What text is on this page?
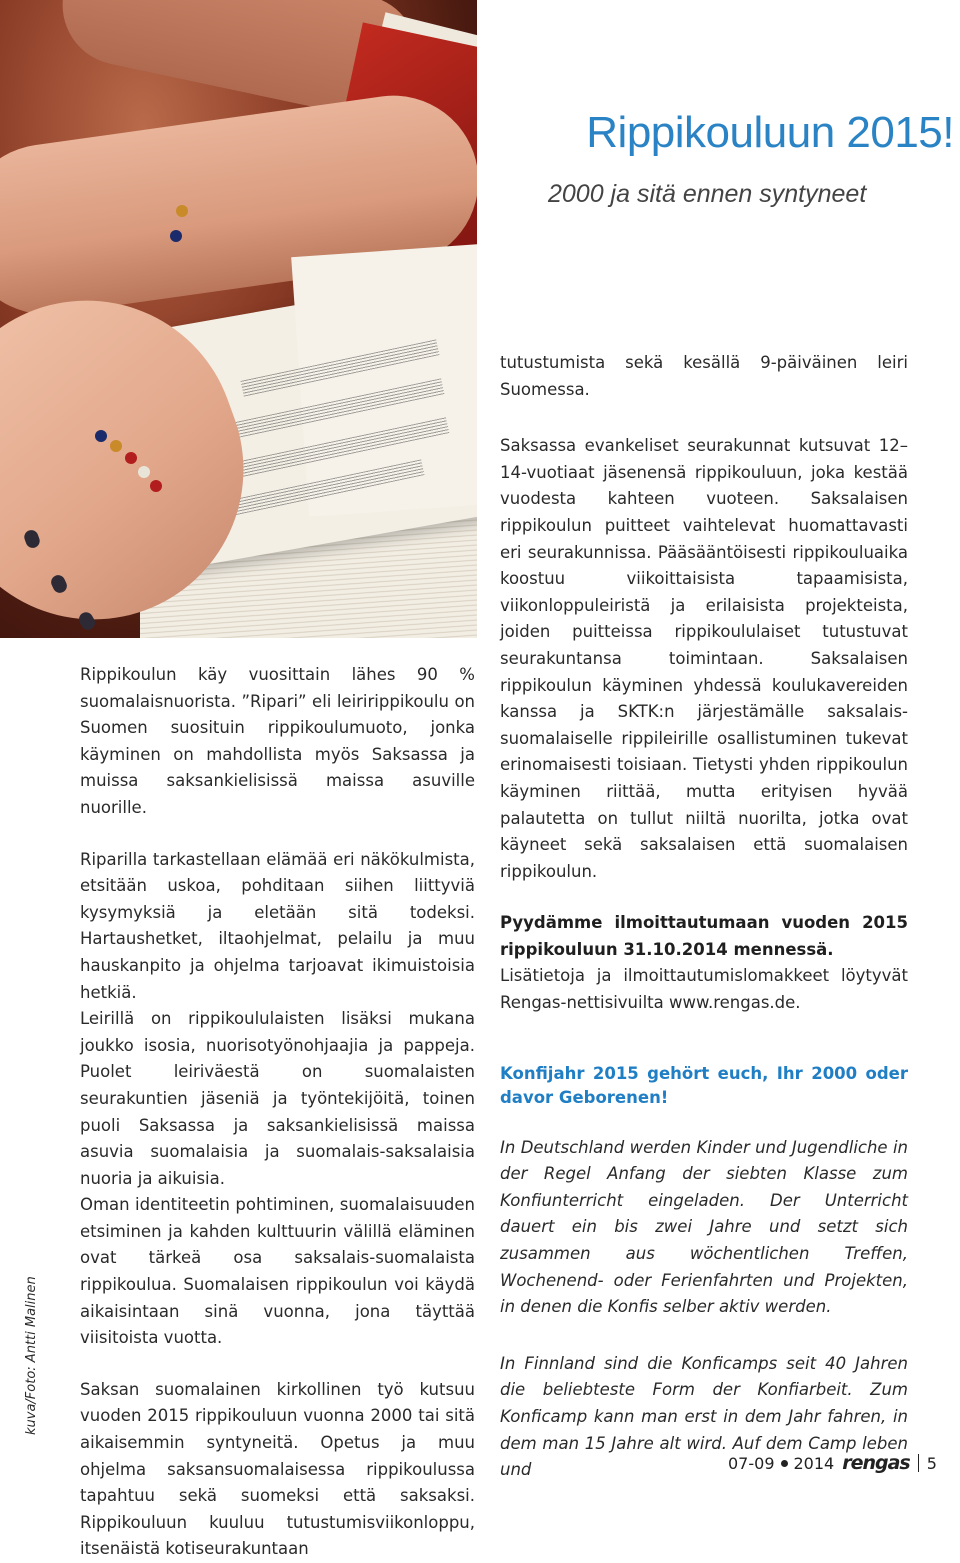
kuva/Foto: Antti Malinen
Rippikouluun 2015!
2000 ja sitä ennen syntyneet

Rippikoulun käy vuosittain lähes 90 % suomalaisnuorista. ”Ripari” eli leiririppikoulu on Suomen suosituin rippikoulumuoto, jonka käyminen on mahdollista myös Saksassa ja muissa saksankielisissä maissa asuville nuorille.

Riparilla tarkastellaan elämää eri näkökulmista, etsitään uskoa, pohditaan siihen liittyviä kysymyksiä ja eletään sitä todeksi. Hartaushetket, iltaohjelmat, pelailu ja muu hauskanpito ja ohjelma tarjoavat ikimuistoisia hetkiä.

Leirillä on rippikoululaisten lisäksi mukana joukko isosia, nuorisotyönohjaajia ja pappeja. Puolet leiriväestä on suomalaisten seurakuntien jäseniä ja työntekijöitä, toinen puoli Saksassa ja saksankielisissä maissa asuvia suomalaisia ja suomalais-saksalaisia nuoria ja aikuisia.

Oman identiteetin pohtiminen, suomalaisuuden etsiminen ja kahden kulttuurin välillä eläminen ovat tärkeä osa saksalais-suomalaista rippikoulua. Suomalaisen rippikoulun voi käydä aikaisintaan sinä vuonna, jona täyttää viisitoista vuotta.

Saksan suomalainen kirkollinen työ kutsuu vuoden 2015 rippikouluun vuonna 2000 tai sitä aikaisemmin syntyneitä. Opetus ja muu ohjelma saksansuomalaisessa rippikoulussa tapahtuu sekä suomeksi että saksaksi. Rippikouluun kuuluu tutustumisviikonloppu, itsenäistä kotiseurakuntaan

tutustumista sekä kesällä 9-päiväinen leiri Suomessa.

Saksassa evankeliset seurakunnat kutsuvat 12–14-vuotiaat jäsenensä rippikouluun, joka kestää vuodesta kahteen vuoteen. Saksalaisen rippikoulun puitteet vaihtelevat huomattavasti eri seurakunnissa. Pääsääntöisesti rippikouluaika koostuu viikoittaisista tapaamisista, viikonloppuleiristä ja erilaisista projekteista, joiden puitteissa rippikoululaiset tutustuvat seurakuntansa toimintaan. Saksalaisen rippikoulun käyminen yhdessä koulukavereiden kanssa ja SKTK:n järjestämälle saksalais-suomalaiselle rippileirille osallistuminen tukevat erinomaisesti toisiaan. Tietysti yhden rippikoulun käyminen riittää, mutta erityisen hyvää palautetta on tullut niiltä nuorilta, jotka ovat käyneet sekä saksalaisen että suomalaisen rippikoulun.

Pyydämme ilmoittautumaan vuoden 2015 rippikouluun 31.10.2014 mennessä.

Lisätietoja ja ilmoittautumislomakkeet löytyvät Rengas-nettisivuilta www.rengas.de.

Konfijahr 2015 gehört euch, Ihr 2000 oder davor Geborenen!

In Deutschland werden Kinder und Jugendliche in der Regel Anfang der siebten Klasse zum Konfiunterricht eingeladen. Der Unterricht dauert ein bis zwei Jahre und setzt sich zusammen aus wöchentlichen Treffen, Wochenend- oder Ferienfahrten und Projekten, in denen die Konfis selber aktiv werden.

In Finnland sind die Konficamps seit 40 Jahren die beliebteste Form der Konfiarbeit. Zum Konficamp kann man erst in dem Jahr fahren, in dem man 15 Jahre alt wird. Auf dem Camp leben und	07-09 2014 rengas 5
